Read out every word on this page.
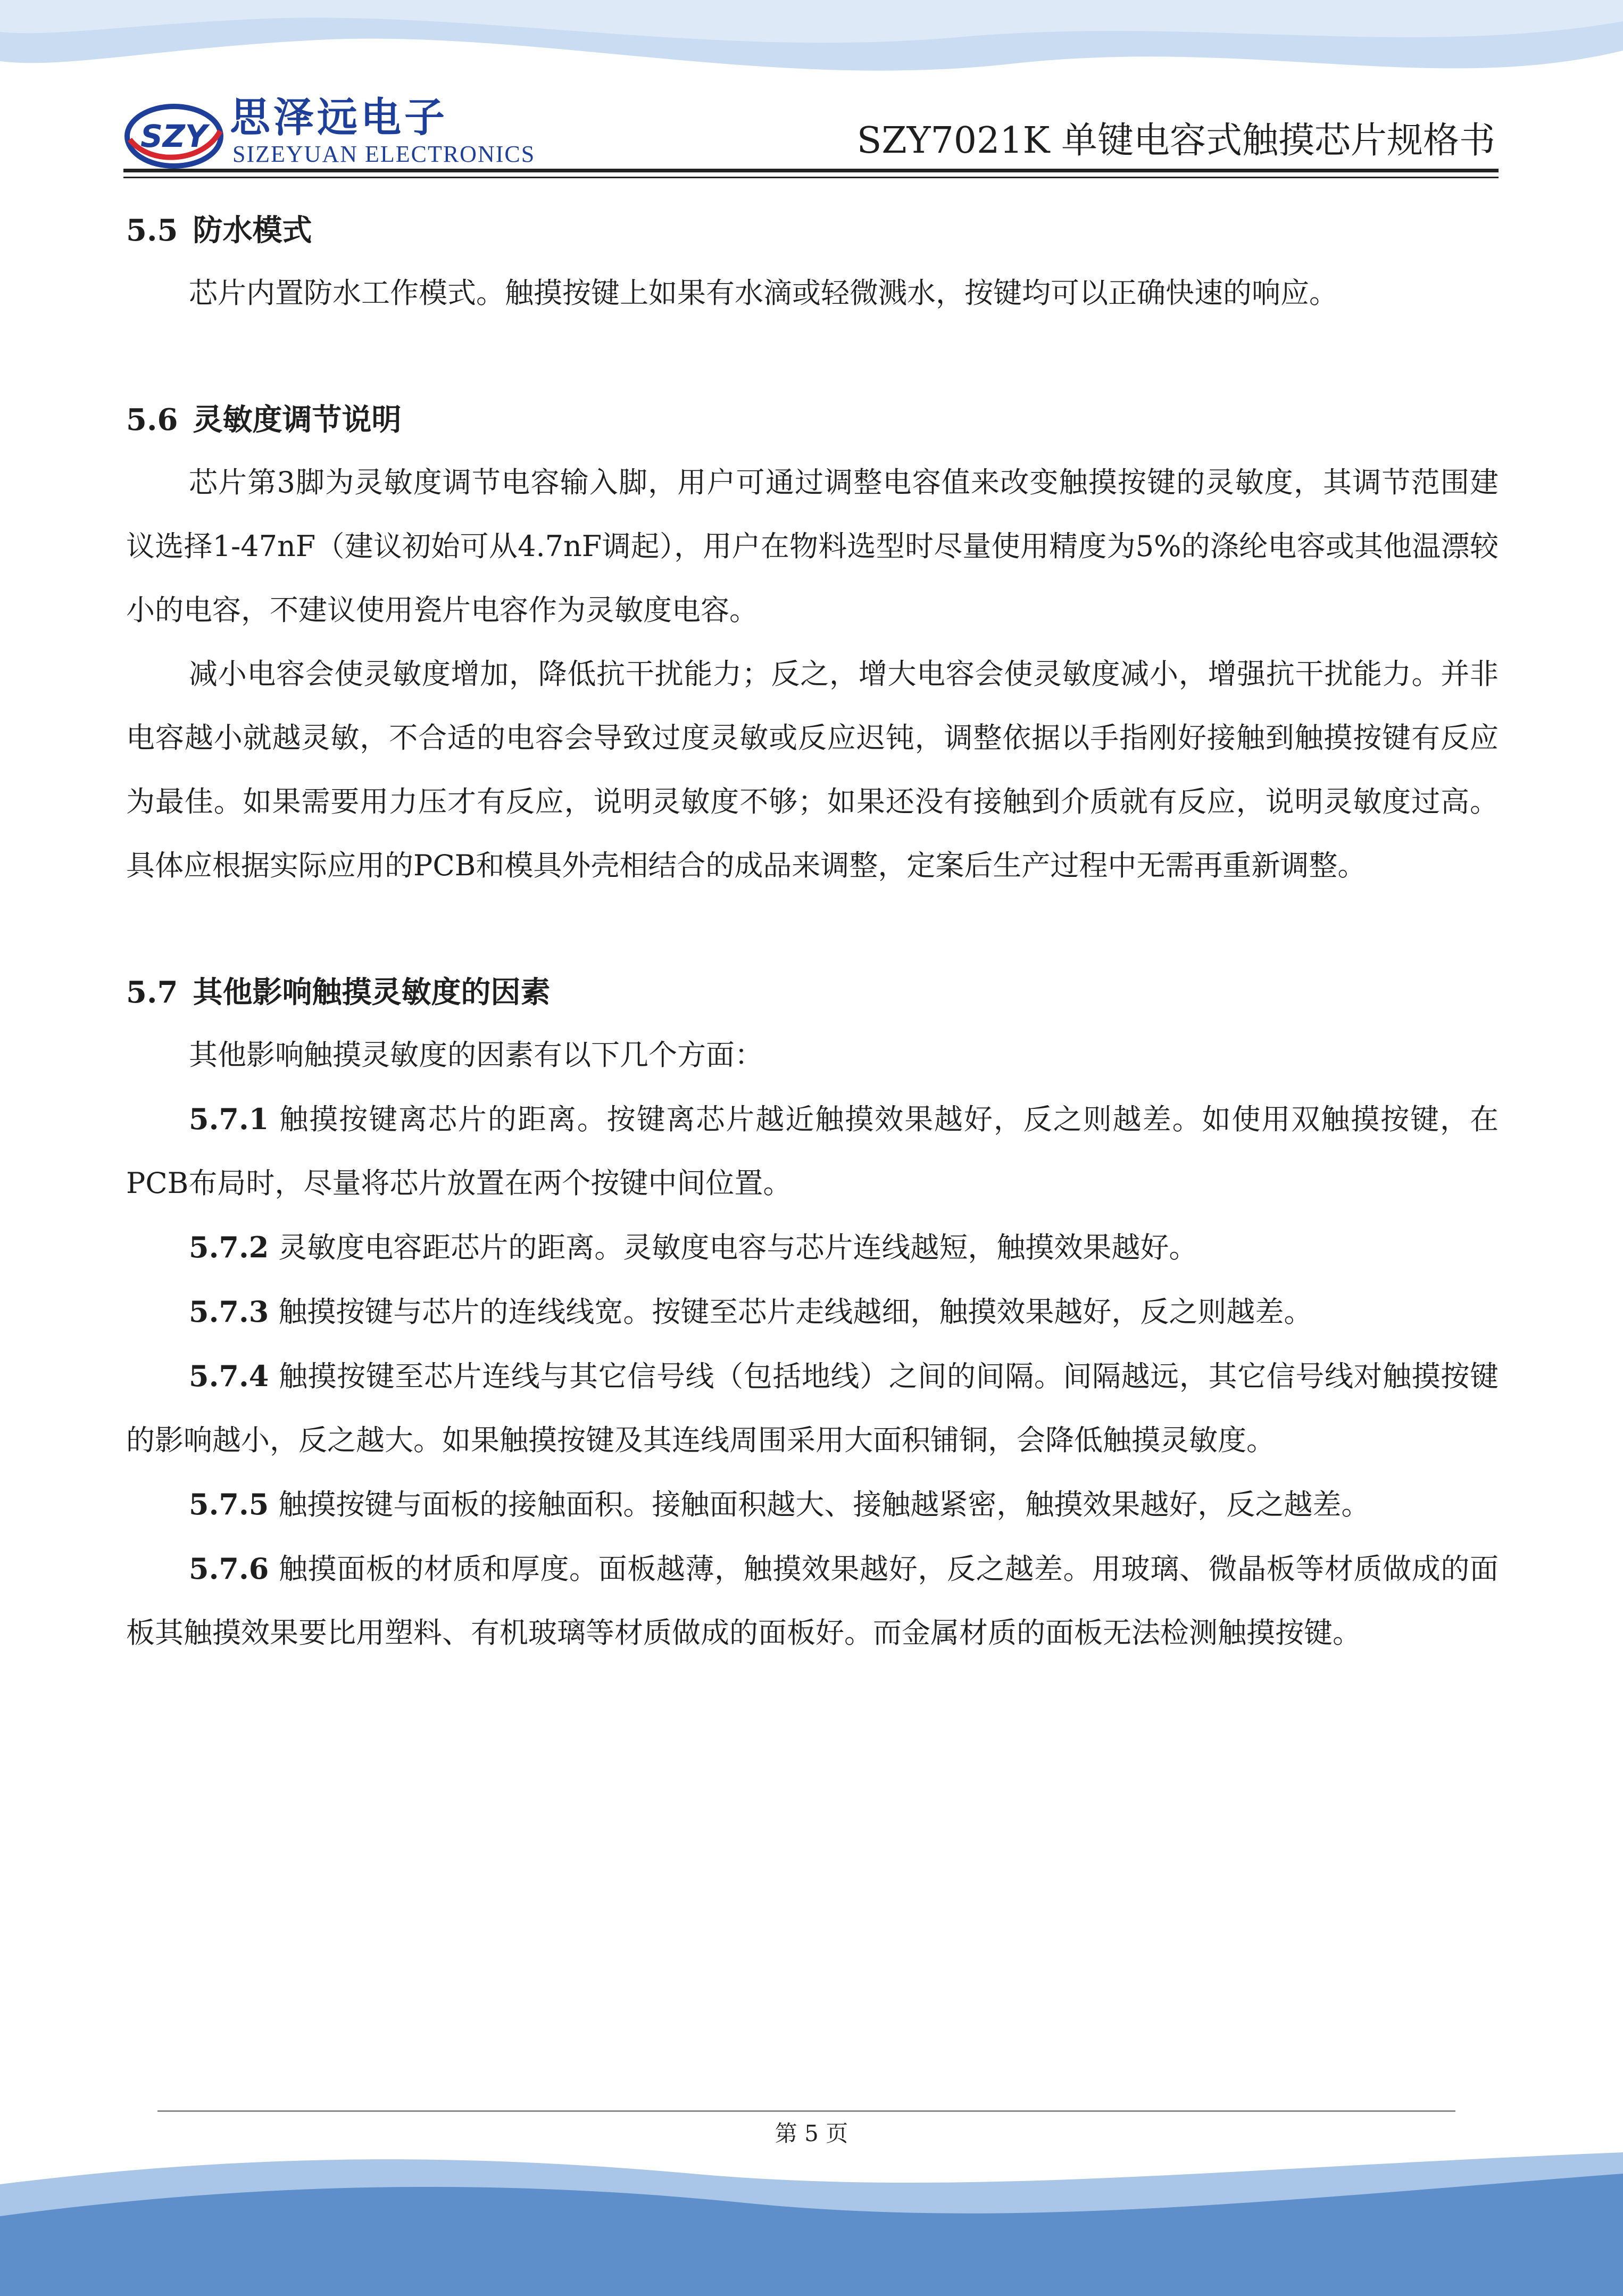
SZY 思泽远电子
SIZEYUAN ELECTRONICS	SZY7021K 单键电容式触摸芯片规格书
5.5 防水模式

芯片内置防水工作模式。触摸按键上如果有水滴或轻微溅水，按键均可以正确快速的响应。

5.6 灵敏度调节说明

芯片第3脚为灵敏度调节电容输入脚，用户可通过调整电容值来改变触摸按键的灵敏度，其调节范围建议选择1-47nF（建议初始可从4.7nF调起），用户在物料选型时尽量使用精度为5%的涤纶电容或其他温漂较小的电容，不建议使用瓷片电容作为灵敏度电容。

减小电容会使灵敏度增加，降低抗干扰能力；反之，增大电容会使灵敏度减小，增强抗干扰能力。并非电容越小就越灵敏，不合适的电容会导致过度灵敏或反应迟钝，调整依据以手指刚好接触到触摸按键有反应为最佳。如果需要用力压才有反应，说明灵敏度不够；如果还没有接触到介质就有反应，说明灵敏度过高。具体应根据实际应用的PCB和模具外壳相结合的成品来调整，定案后生产过程中无需再重新调整。

5.7 其他影响触摸灵敏度的因素

其他影响触摸灵敏度的因素有以下几个方面：

5.7.1 触摸按键离芯片的距离。按键离芯片越近触摸效果越好，反之则越差。如使用双触摸按键，在PCB布局时，尽量将芯片放置在两个按键中间位置。

5.7.2 灵敏度电容距芯片的距离。灵敏度电容与芯片连线越短，触摸效果越好。

5.7.3 触摸按键与芯片的连线线宽。按键至芯片走线越细，触摸效果越好，反之则越差。

5.7.4 触摸按键至芯片连线与其它信号线（包括地线）之间的间隔。间隔越远，其它信号线对触摸按键的影响越小，反之越大。如果触摸按键及其连线周围采用大面积铺铜，会降低触摸灵敏度。

5.7.5 触摸按键与面板的接触面积。接触面积越大、接触越紧密，触摸效果越好，反之越差。

5.7.6 触摸面板的材质和厚度。面板越薄，触摸效果越好，反之越差。用玻璃、微晶板等材质做成的面板其触摸效果要比用塑料、有机玻璃等材质做成的面板好。而金属材质的面板无法检测触摸按键。

第 5 页
